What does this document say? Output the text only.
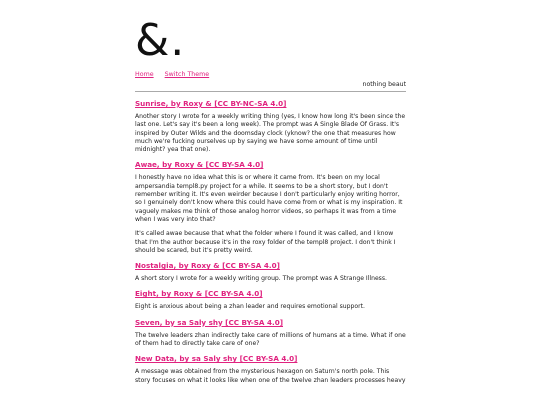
&.
Home Switch Theme
nothing beaut
Sunrise, by Roxy & [CC BY-NC-SA 4.0]

Another story I wrote for a weekly writing thing (yes, I know how long it's been since the last one. Let's say it's been a long week). The prompt was A Single Blade Of Grass. It's inspired by Outer Wilds and the doomsday clock (yknow? the one that measures how much we're fucking ourselves up by saying we have some amount of time until midnight? yea that one).

Awae, by Roxy & [CC BY-SA 4.0]

I honestly have no idea what this is or where it came from. It's been on my local ampersandia templ8.py project for a while. It seems to be a short story, but I don't remember writing it. It's even weirder because I don't particularly enjoy writing horror, so I genuinely don't know where this could have come from or what is my inspiration. It vaguely makes me think of those analog horror videos, so perhaps it was from a time when I was very into that?

It's called awae because that what the folder where I found it was called, and I know that I'm the author because it's in the roxy folder of the templ8 project. I don't think I should be scared, but it's pretty weird.

Nostalgia, by Roxy & [CC BY-SA 4.0]

A short story I wrote for a weekly writing group. The prompt was A Strange Illness.

Eight, by Roxy & [CC BY-SA 4.0]

Eight is anxious about being a zhan leader and requires emotional support.

Seven, by sa Saly shy [CC BY-SA 4.0]

The twelve leaders zhan indirectly take care of millions of humans at a time. What if one of them had to directly take care of one?

New Data, by sa Saly shy [CC BY-SA 4.0]

A message was obtained from the mysterious hexagon on Saturn's north pole. This story focuses on what it looks like when one of the twelve zhan leaders processes heavy
